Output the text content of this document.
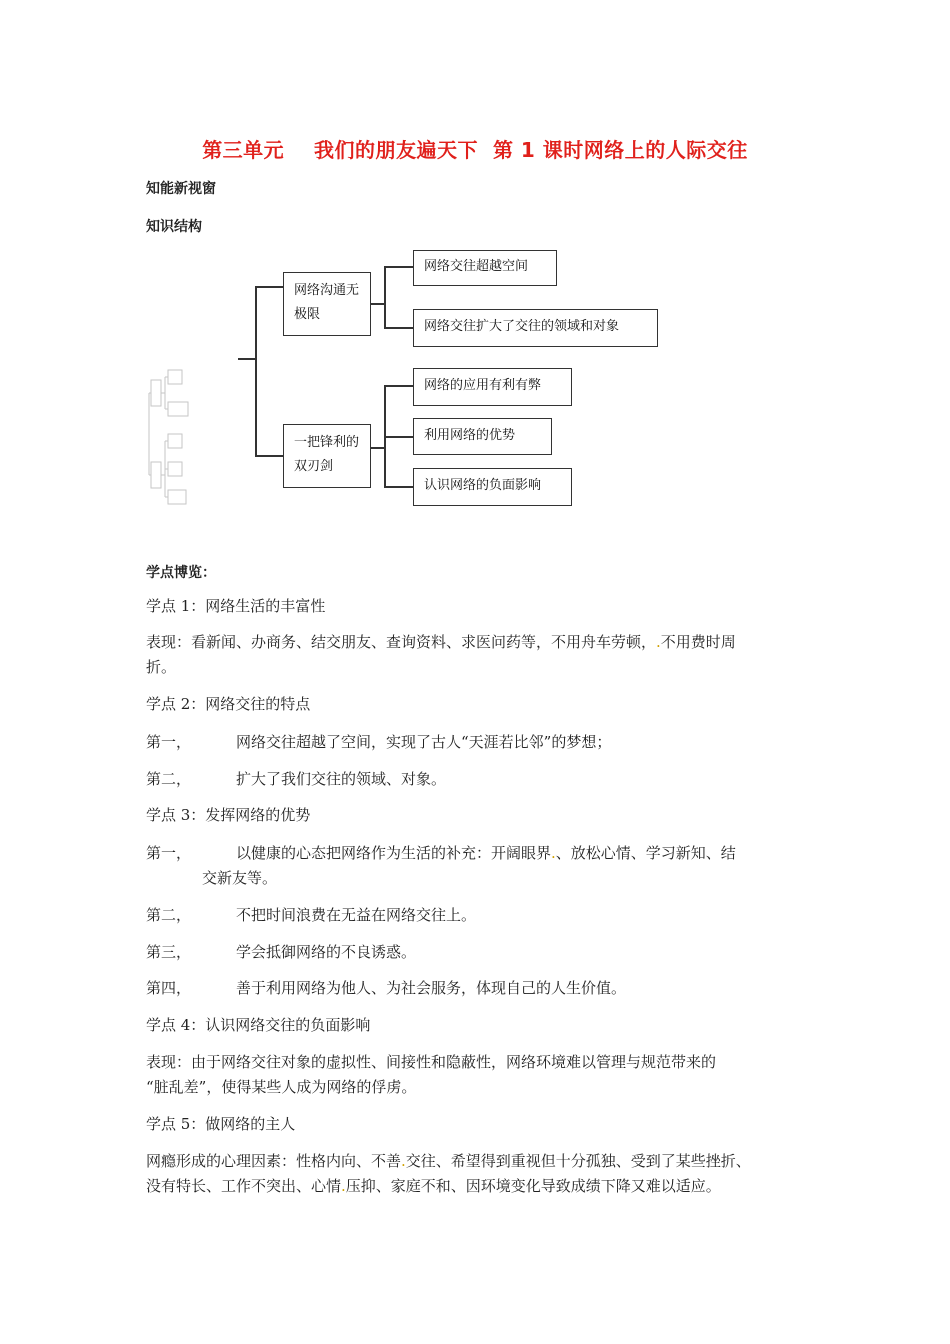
第三单元    我们的朋友遍天下  第 1 课时网络上的人际交往
知能新视窗
知识结构
网络沟通无极限
网络交往超越空间
网络交往扩大了交往的领域和对象
一把锋利的双刃剑
网络的应用有利有弊
利用网络的优势
认识网络的负面影响
学点博览：
学点 1：网络生活的丰富性
表现：看新闻、办商务、结交朋友、查询资料、求医问药等，不用舟车劳顿，.不用费时周
折。
学点 2：网络交往的特点
第一，	网络交往超越了空间，实现了古人“天涯若比邻”的梦想；
第二，	扩大了我们交往的领域、对象。
学点 3：发挥网络的优势
第一，	以健康的心态把网络作为生活的补充：开阔眼界.、放松心情、学习新知、结
交新友等。
第二，	不把时间浪费在无益在网络交往上。
第三，	学会抵御网络的不良诱惑。
第四，	善于利用网络为他人、为社会服务，体现自己的人生价值。
学点 4：认识网络交往的负面影响
表现：由于网络交往对象的虚拟性、间接性和隐蔽性，网络环境难以管理与规范带来的
“脏乱差”，使得某些人成为网络的俘虏。
学点 5：做网络的主人
网瘾形成的心理因素：性格内向、不善.交往、希望得到重视但十分孤独、受到了某些挫折、
没有特长、工作不突出、心情.压抑、家庭不和、因环境变化导致成绩下降又难以适应。
